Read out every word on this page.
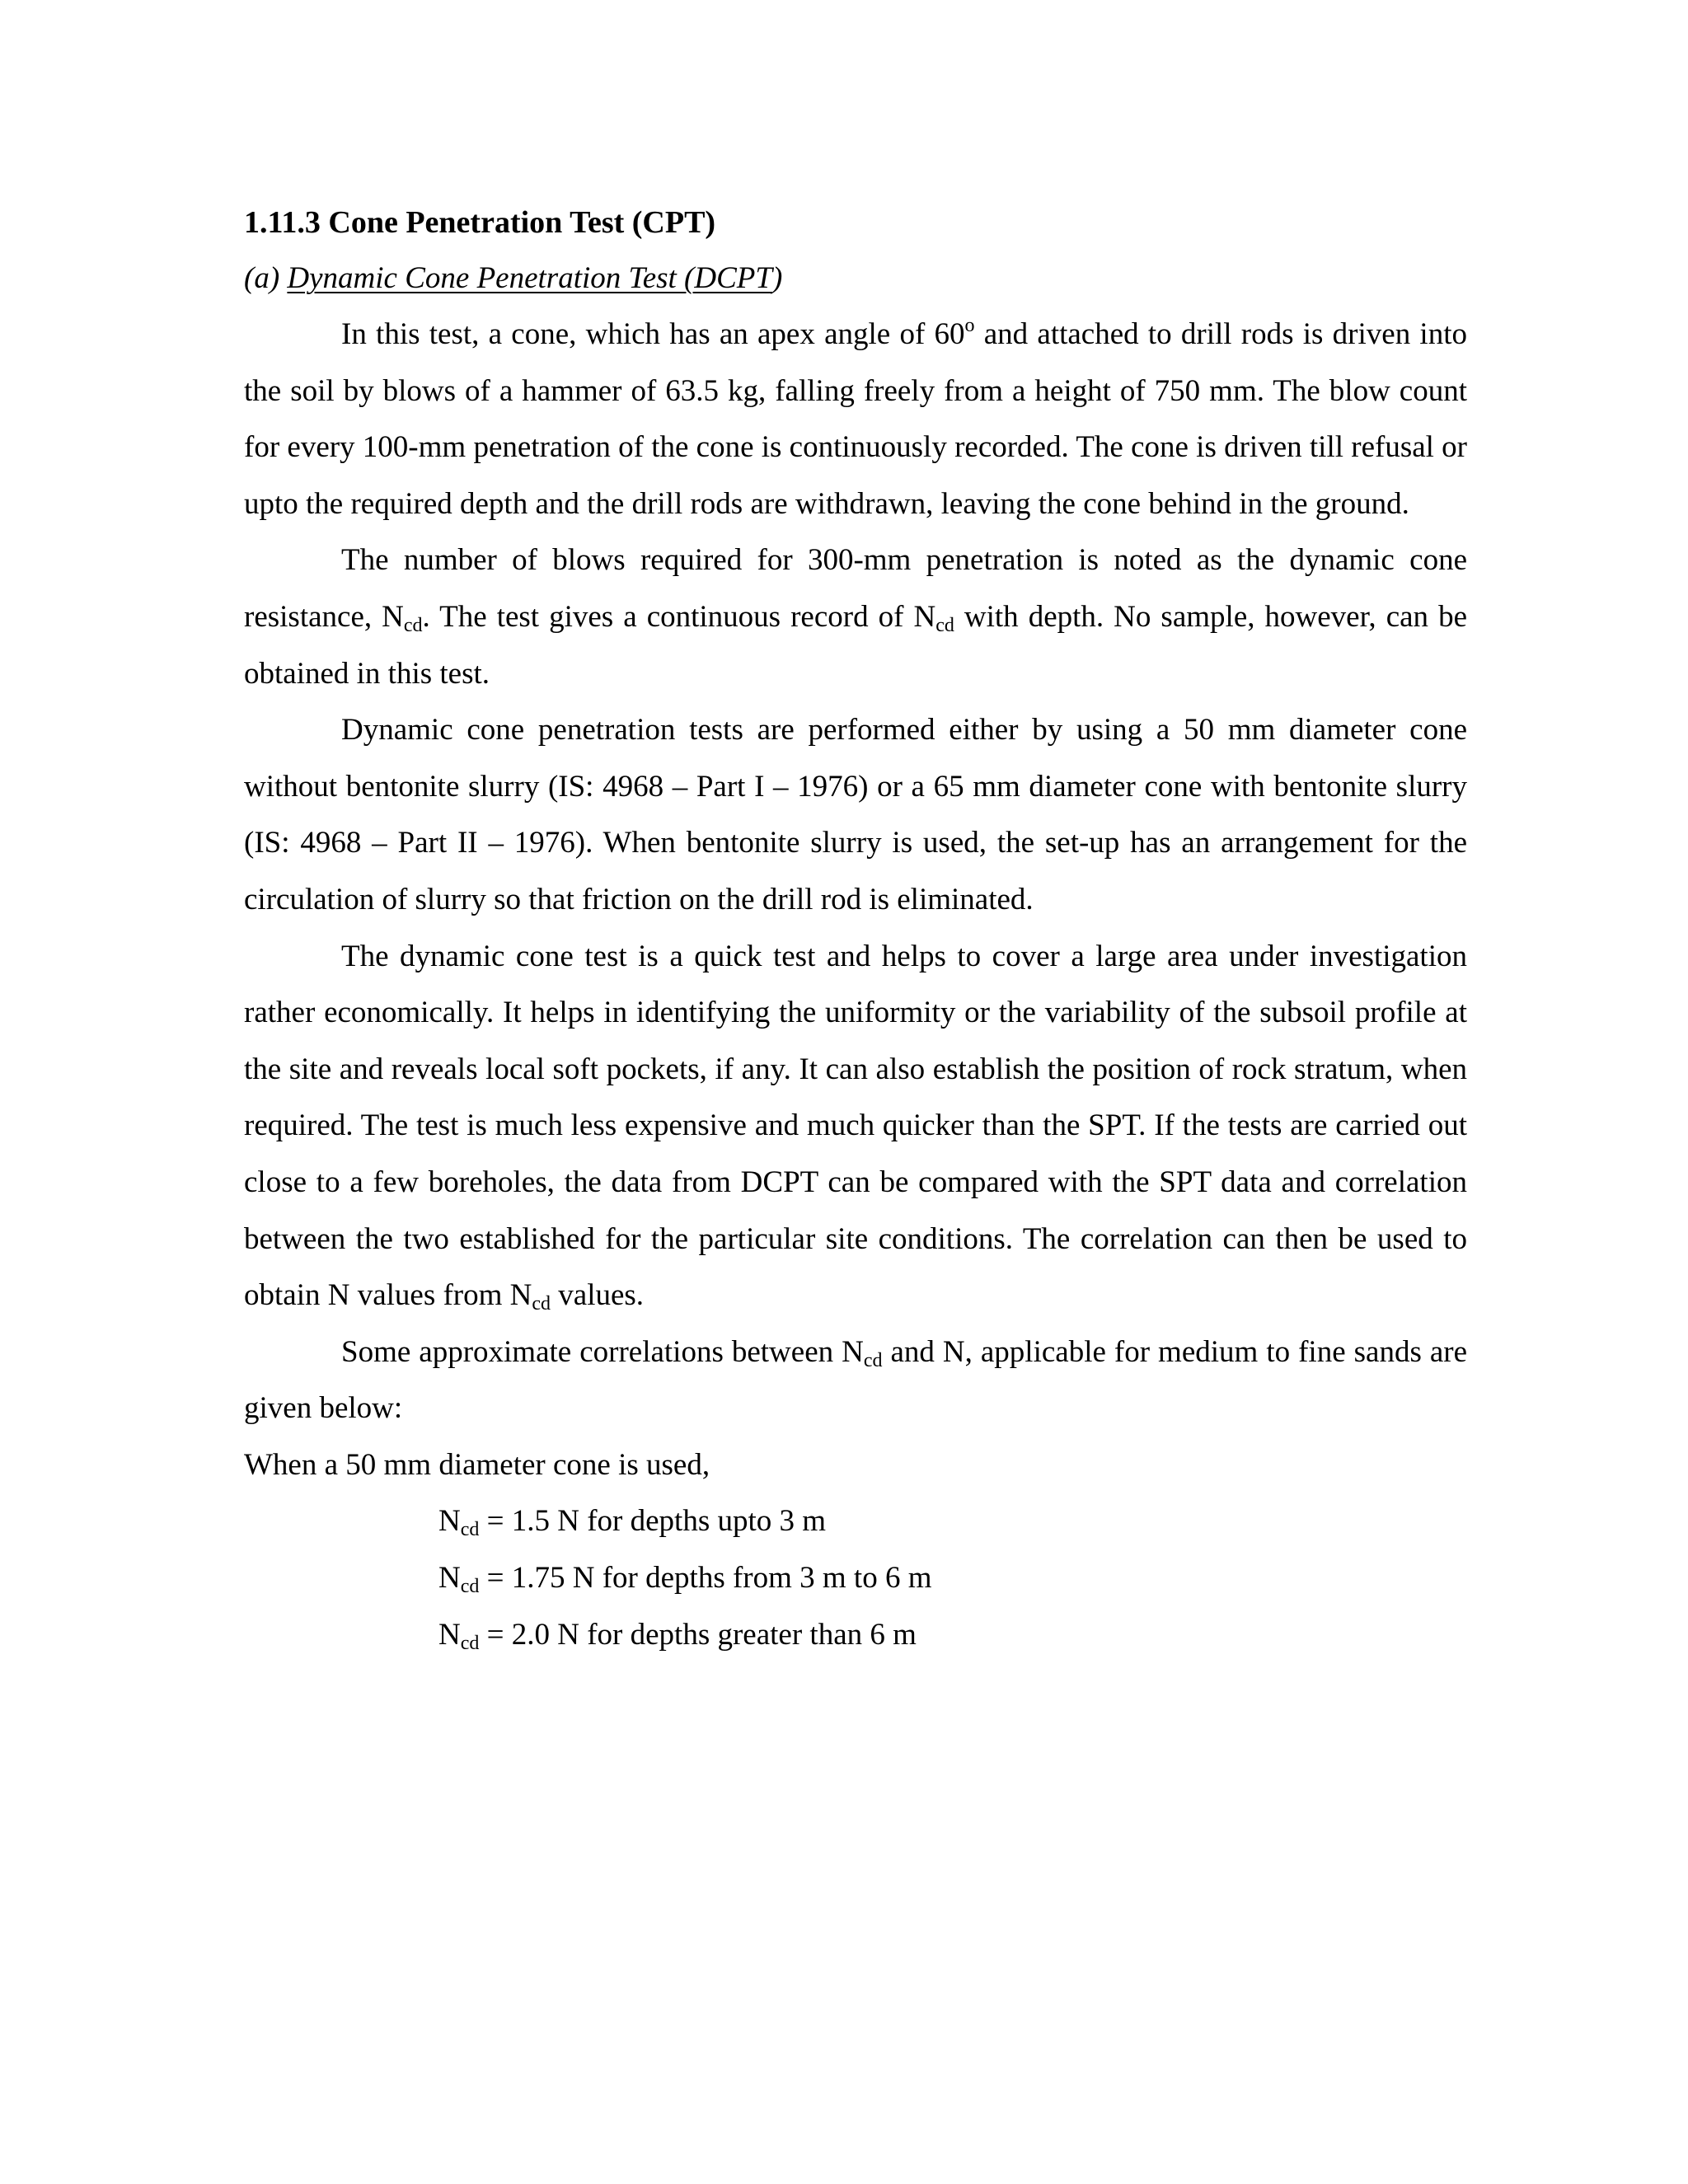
1.11.3 Cone Penetration Test (CPT)
(a) Dynamic Cone Penetration Test (DCPT)

In this test, a cone, which has an apex angle of 60$^o$ and attached to drill rods is driven into the soil by blows of a hammer of 63.5 kg, falling freely from a height of 750 mm. The blow count for every 100-mm penetration of the cone is continuously recorded. The cone is driven till refusal or upto the required depth and the drill rods are withdrawn, leaving the cone behind in the ground.

The number of blows required for 300-mm penetration is noted as the dynamic cone resistance, $N_{cd}$. The test gives a continuous record of $N_{cd}$ with depth. No sample, however, can be obtained in this test.

Dynamic cone penetration tests are performed either by using a 50 mm diameter cone without bentonite slurry (IS: 4968 – Part I – 1976) or a 65 mm diameter cone with bentonite slurry (IS: 4968 – Part II – 1976). When bentonite slurry is used, the set-up has an arrangement for the circulation of slurry so that friction on the drill rod is eliminated.

The dynamic cone test is a quick test and helps to cover a large area under investigation rather economically. It helps in identifying the uniformity or the variability of the subsoil profile at the site and reveals local soft pockets, if any. It can also establish the position of rock stratum, when required. The test is much less expensive and much quicker than the SPT. If the tests are carried out close to a few boreholes, the data from DCPT can be compared with the SPT data and correlation between the two established for the particular site conditions. The correlation can then be used to obtain N values from $N_{cd}$ values.

Some approximate correlations between $N_{cd}$ and N, applicable for medium to fine sands are given below:

When a 50 mm diameter cone is used,

$N_{cd} = 1.5$ N for depths upto 3 m

$N_{cd} = 1.75$ N for depths from 3 m to 6 m

$N_{cd} = 2.0$ N for depths greater than 6 m
